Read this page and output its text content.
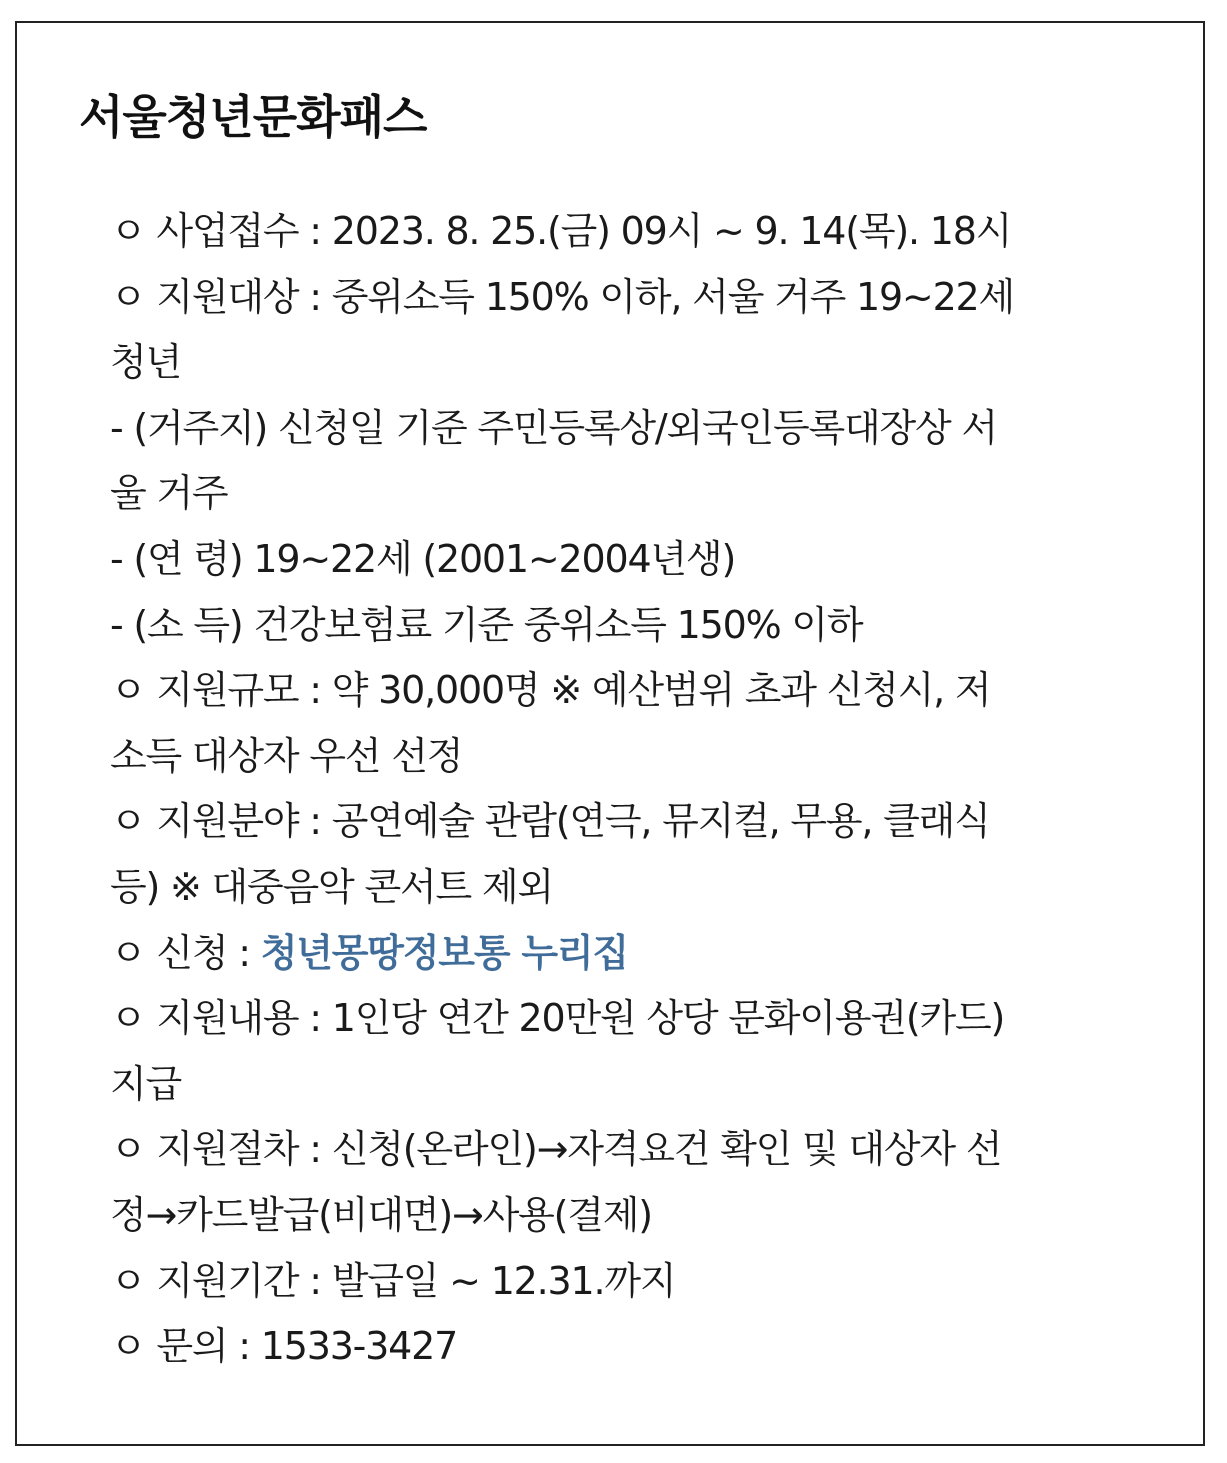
서울청년문화패스
ㅇ 사업접수 : 2023. 8. 25.(금) 09시 ~ 9. 14(목). 18시
ㅇ 지원대상 : 중위소득 150% 이하, 서울 거주 19~22세
청년
- (거주지) 신청일 기준 주민등록상/외국인등록대장상 서
울 거주
- (연 령) 19~22세 (2001~2004년생)
- (소 득) 건강보험료 기준 중위소득 150% 이하
ㅇ 지원규모 : 약 30,000명 ※ 예산범위 초과 신청시, 저
소득 대상자 우선 선정
ㅇ 지원분야 : 공연예술 관람(연극, 뮤지컬, 무용, 클래식
등) ※ 대중음악 콘서트 제외
ㅇ 신청 : 청년몽땅정보통 누리집
ㅇ 지원내용 : 1인당 연간 20만원 상당 문화이용권(카드)
지급
ㅇ 지원절차 : 신청(온라인)→자격요건 확인 및 대상자 선
정→카드발급(비대면)→사용(결제)
ㅇ 지원기간 : 발급일 ~ 12.31.까지
ㅇ 문의 : 1533-3427
